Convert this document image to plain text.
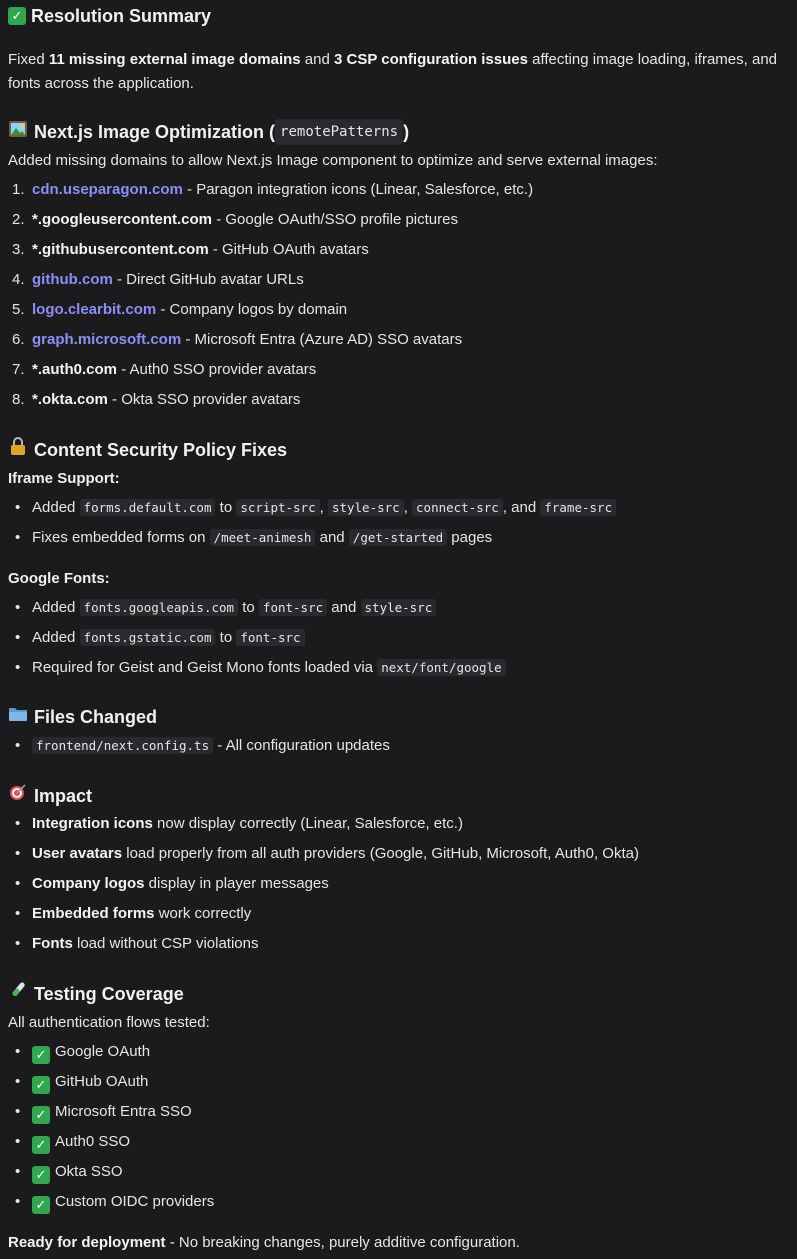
✓ Resolution Summary

Fixed 11 missing external image domains and 3 CSP configuration issues affecting image loading, iframes, and fonts across the application.

Next.js Image Optimization ( remotePatterns )

Added missing domains to allow Next.js Image component to optimize and serve external images:

1. cdn.useparagon.com - Paragon integration icons (Linear, Salesforce, etc.)
2. *.googleusercontent.com - Google OAuth/SSO profile pictures
3. *.githubusercontent.com - GitHub OAuth avatars
4. github.com - Direct GitHub avatar URLs
5. logo.clearbit.com - Company logos by domain
6. graph.microsoft.com - Microsoft Entra (Azure AD) SSO avatars
7. *.auth0.com - Auth0 SSO provider avatars
8. *.okta.com - Okta SSO provider avatars
Content Security Policy Fixes

Iframe Support:

• Added forms.default.com to script-src , style-src , connect-src , and frame-src
• Fixes embedded forms on /meet-animesh and /get-started pages

Google Fonts:

• Added fonts.googleapis.com to font-src and style-src
• Added fonts.gstatic.com to font-src
• Required for Geist and Geist Mono fonts loaded via next/font/google
Files Changed
• frontend/next.config.ts - All configuration updates
Impact
• Integration icons now display correctly (Linear, Salesforce, etc.)
• User avatars load properly from all auth providers (Google, GitHub, Microsoft, Auth0, Okta)
• Company logos display in player messages
• Embedded forms work correctly
• Fonts load without CSP violations
Testing Coverage

All authentication flows tested:

• ✓ Google OAuth
• ✓ GitHub OAuth
• ✓ Microsoft Entra SSO
• ✓ Auth0 SSO
• ✓ Okta SSO
• ✓ Custom OIDC providers

Ready for deployment - No breaking changes, purely additive configuration.
